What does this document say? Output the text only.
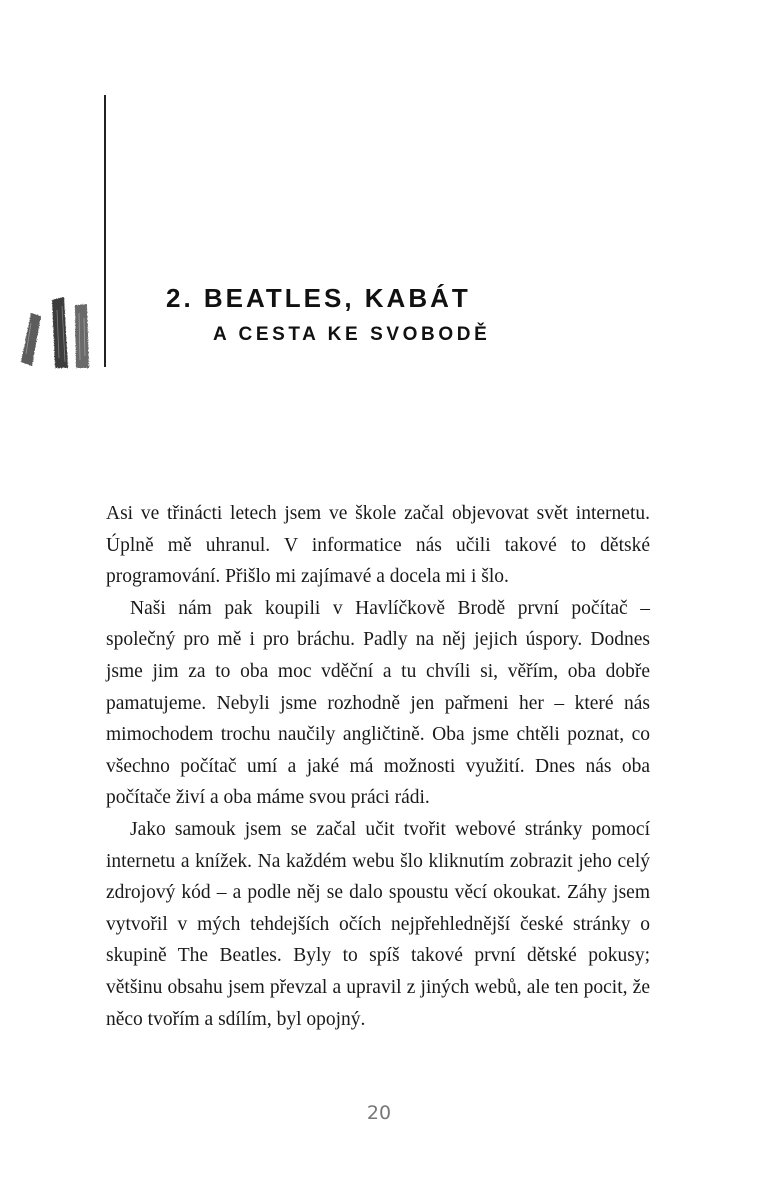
2. BEATLES, KABÁT
A CESTA KE SVOBODĚ

Asi ve třinácti letech jsem ve škole začal objevovat svět internetu. Úplně mě uhranul. V informatice nás učili takové to dětské programování. Přišlo mi zajímavé a docela mi i šlo.

Naši nám pak koupili v Havlíčkově Brodě první počítač – společný pro mě i pro bráchu. Padly na něj jejich úspory. Dodnes jsme jim za to oba moc vděční a tu chvíli si, věřím, oba dobře pamatujeme. Nebyli jsme rozhodně jen pařmeni her – které nás mimochodem trochu naučily angličtině. Oba jsme chtěli poznat, co všechno počítač umí a jaké má možnosti využití. Dnes nás oba počítače živí a oba máme svou práci rádi.

Jako samouk jsem se začal učit tvořit webové stránky pomocí internetu a knížek. Na každém webu šlo kliknutím zobrazit jeho celý zdrojový kód – a podle něj se dalo spoustu věcí okoukat. Záhy jsem vytvořil v mých tehdejších očích nejpřehlednější české stránky o skupině The Beatles. Byly to spíš takové první dětské pokusy; většinu obsahu jsem převzal a upravil z jiných webů, ale ten pocit, že něco tvořím a sdílím, byl opojný.

20
